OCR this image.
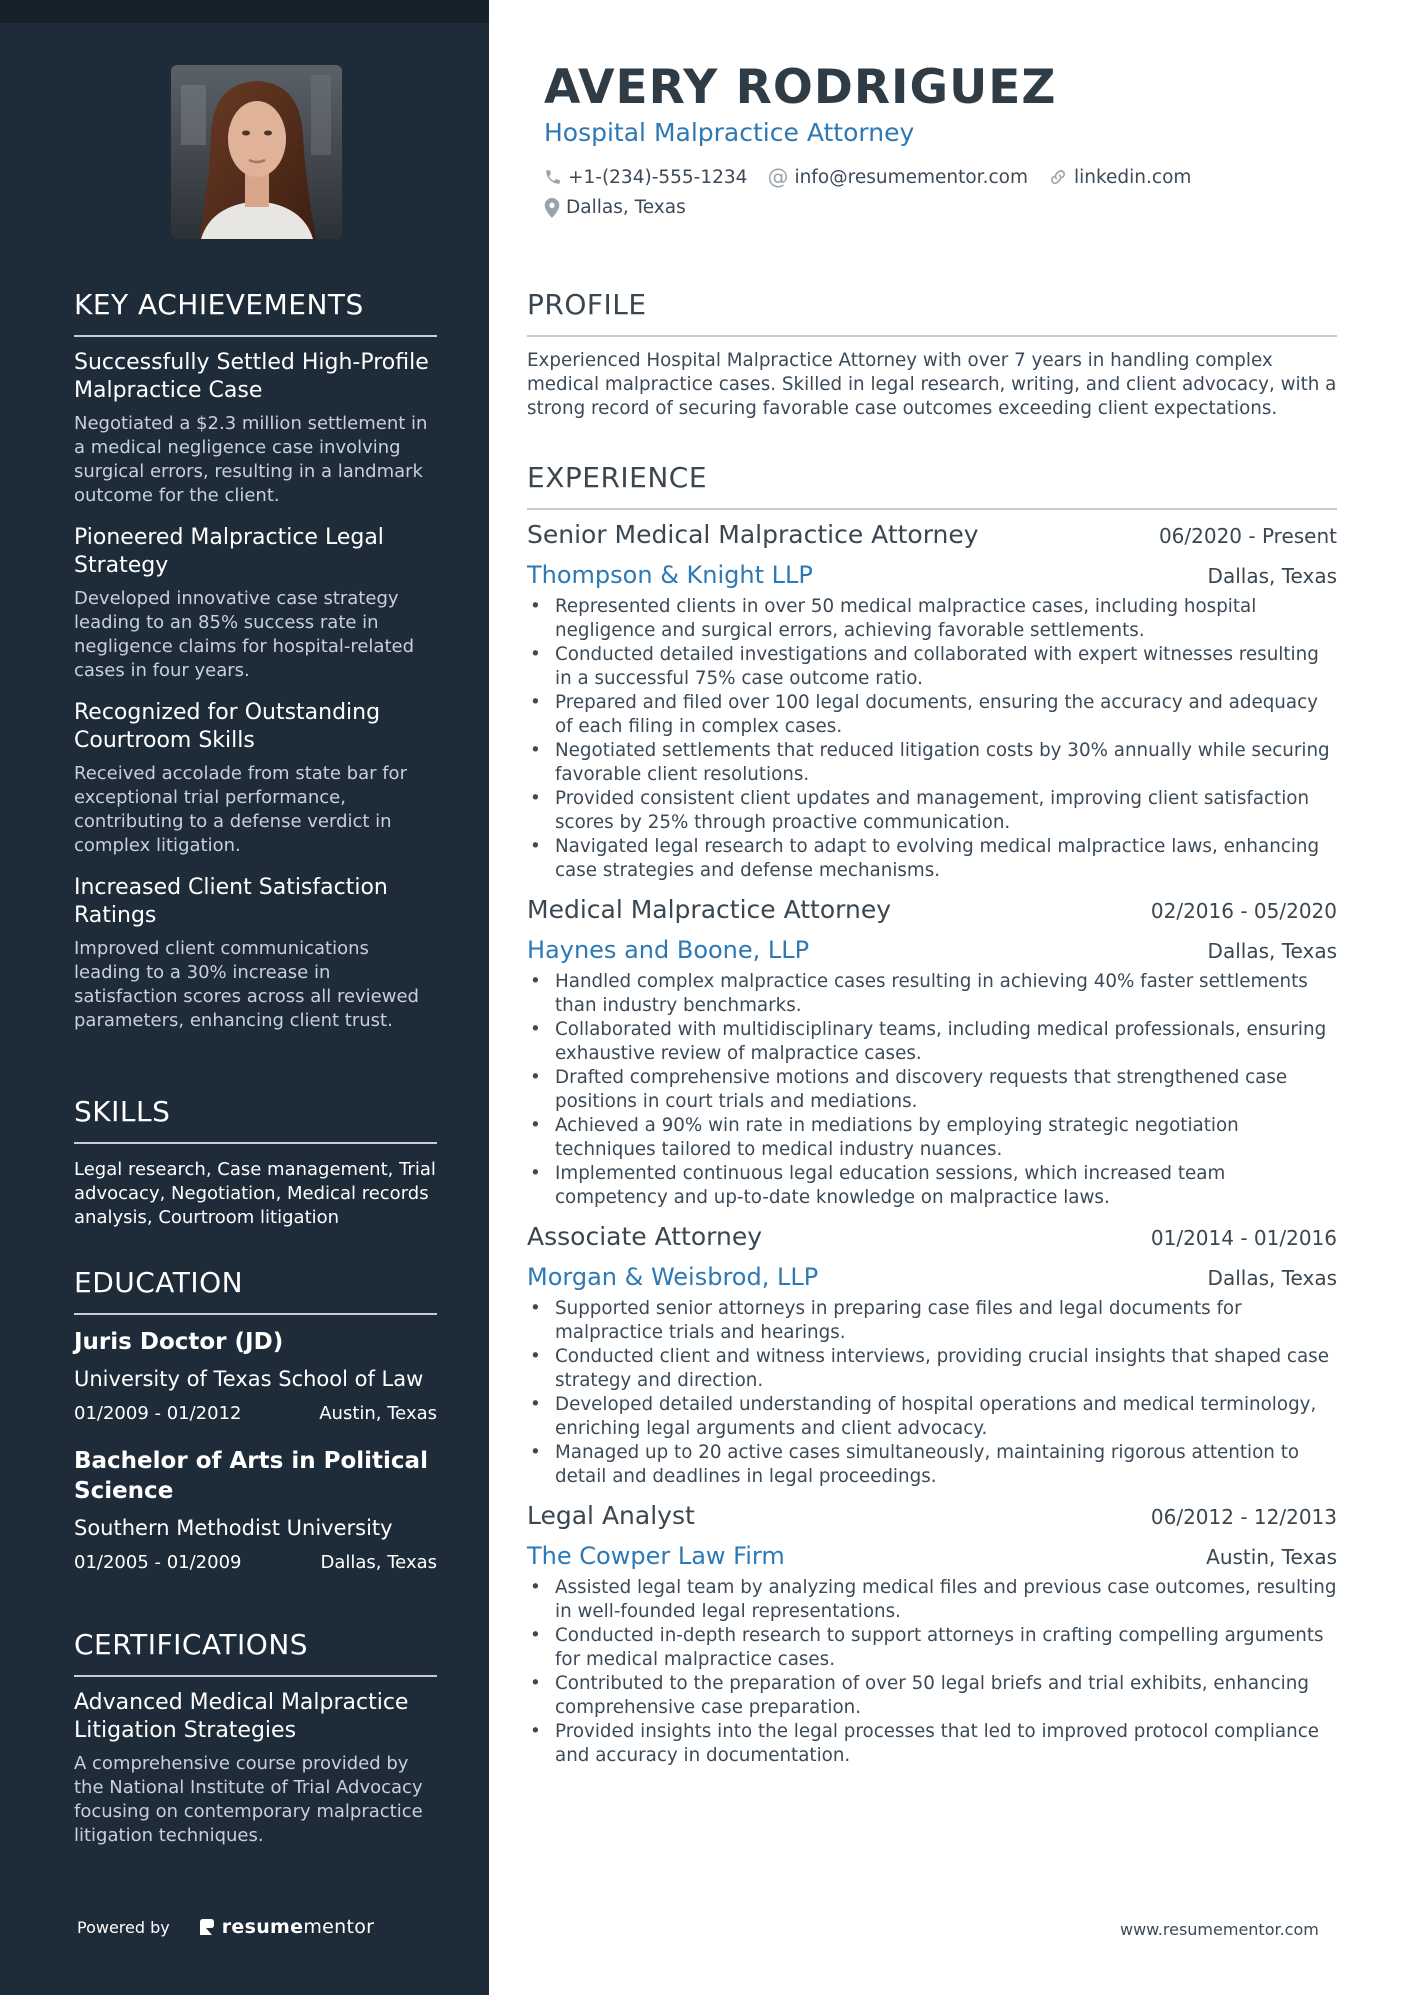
KEY ACHIEVEMENTS
Successfully Settled High-Profile Malpractice Case
Negotiated a $2.3 million settlement in a medical negligence case involving surgical errors, resulting in a landmark outcome for the client.
Pioneered Malpractice Legal Strategy
Developed innovative case strategy leading to an 85% success rate in negligence claims for hospital-related cases in four years.
Recognized for Outstanding Courtroom Skills
Received accolade from state bar for exceptional trial performance, contributing to a defense verdict in complex litigation.
Increased Client Satisfaction Ratings
Improved client communications leading to a 30% increase in satisfaction scores across all reviewed parameters, enhancing client trust.
SKILLS
Legal research, Case management, Trial advocacy, Negotiation, Medical records analysis, Courtroom litigation
EDUCATION
Juris Doctor (JD)
University of Texas School of Law
01/2009 - 01/2012	Austin, Texas
Bachelor of Arts in Political Science
Southern Methodist University
01/2005 - 01/2009	Dallas, Texas
CERTIFICATIONS
Advanced Medical Malpractice Litigation Strategies
A comprehensive course provided by the National Institute of Trial Advocacy focusing on contemporary malpractice litigation techniques.
Powered by	resume mentor
AVERY RODRIGUEZ
Hospital Malpractice Attorney
+1-(234)-555-1234 @ info@resumementor.com linkedin.com
Dallas, Texas
PROFILE
Experienced Hospital Malpractice Attorney with over 7 years in handling complex medical malpractice cases. Skilled in legal research, writing, and client advocacy, with a strong record of securing favorable case outcomes exceeding client expectations.
EXPERIENCE
Senior Medical Malpractice Attorney	06/2020 - Present
Thompson & Knight LLP	Dallas, Texas
• Represented clients in over 50 medical malpractice cases, including hospital negligence and surgical errors, achieving favorable settlements.
• Conducted detailed investigations and collaborated with expert witnesses resulting in a successful 75% case outcome ratio.
• Prepared and filed over 100 legal documents, ensuring the accuracy and adequacy of each filing in complex cases.
• Negotiated settlements that reduced litigation costs by 30% annually while securing favorable client resolutions.
• Provided consistent client updates and management, improving client satisfaction scores by 25% through proactive communication.
• Navigated legal research to adapt to evolving medical malpractice laws, enhancing case strategies and defense mechanisms.
Medical Malpractice Attorney	02/2016 - 05/2020
Haynes and Boone, LLP	Dallas, Texas
• Handled complex malpractice cases resulting in achieving 40% faster settlements than industry benchmarks.
• Collaborated with multidisciplinary teams, including medical professionals, ensuring exhaustive review of malpractice cases.
• Drafted comprehensive motions and discovery requests that strengthened case positions in court trials and mediations.
• Achieved a 90% win rate in mediations by employing strategic negotiation techniques tailored to medical industry nuances.
• Implemented continuous legal education sessions, which increased team competency and up-to-date knowledge on malpractice laws.
Associate Attorney	01/2014 - 01/2016
Morgan & Weisbrod, LLP	Dallas, Texas
• Supported senior attorneys in preparing case files and legal documents for malpractice trials and hearings.
• Conducted client and witness interviews, providing crucial insights that shaped case strategy and direction.
• Developed detailed understanding of hospital operations and medical terminology, enriching legal arguments and client advocacy.
• Managed up to 20 active cases simultaneously, maintaining rigorous attention to detail and deadlines in legal proceedings.
Legal Analyst	06/2012 - 12/2013
The Cowper Law Firm	Austin, Texas
• Assisted legal team by analyzing medical files and previous case outcomes, resulting in well-founded legal representations.
• Conducted in-depth research to support attorneys in crafting compelling arguments for medical malpractice cases.
• Contributed to the preparation of over 50 legal briefs and trial exhibits, enhancing comprehensive case preparation.
• Provided insights into the legal processes that led to improved protocol compliance and accuracy in documentation.
www.resumementor.com
